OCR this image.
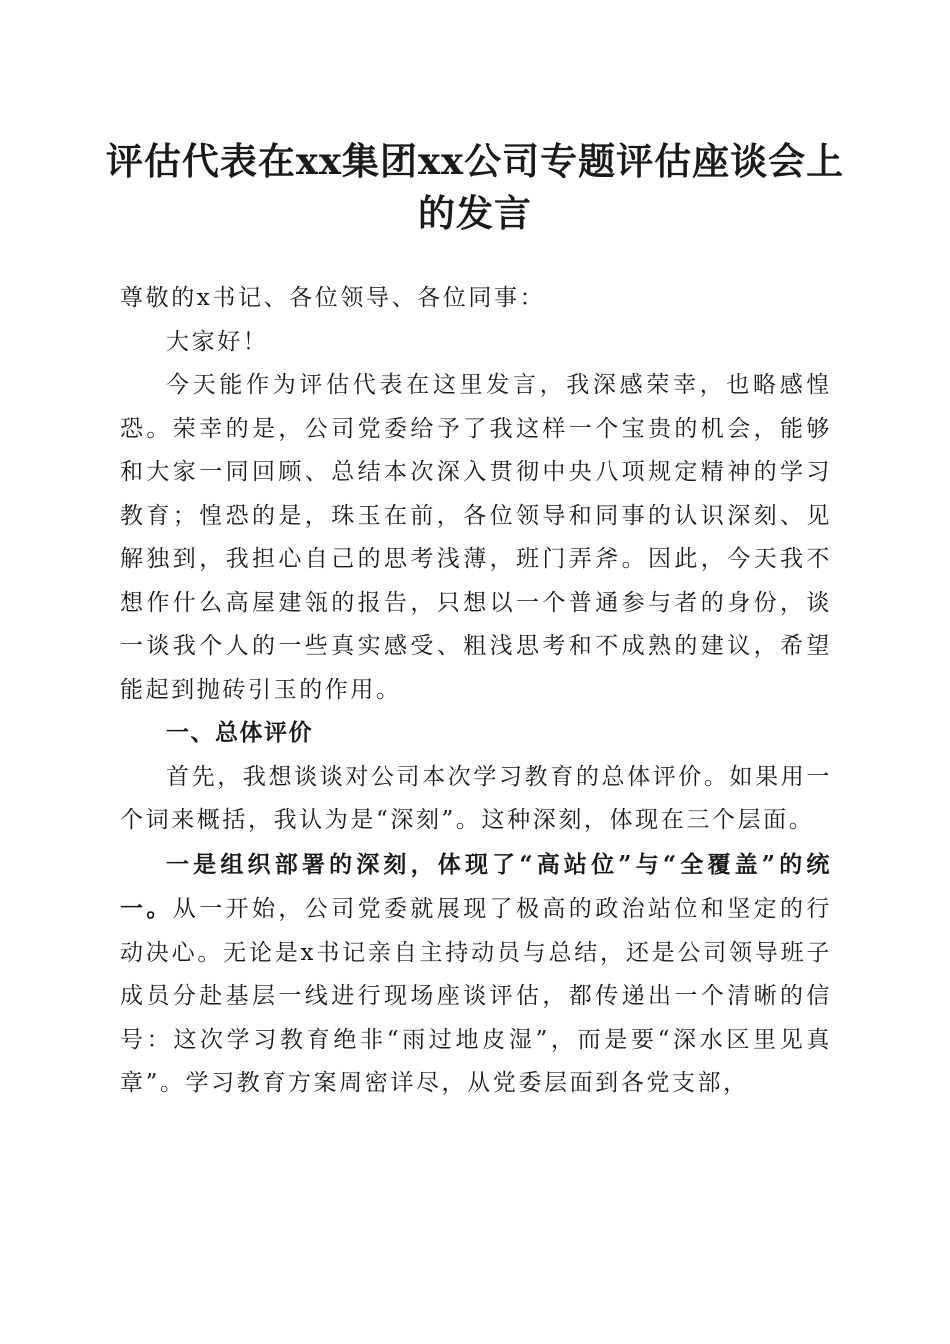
评估代表在xx集团xx公司专题评估座谈会上的发言

尊敬的x书记、各位领导、各位同事：

大家好！

今天能作为评估代表在这里发言，我深感荣幸，也略感惶恐。荣幸的是，公司党委给予了我这样一个宝贵的机会，能够和大家一同回顾、总结本次深入贯彻中央八项规定精神的学习教育；惶恐的是，珠玉在前，各位领导和同事的认识深刻、见解独到，我担心自己的思考浅薄，班门弄斧。因此，今天我不想作什么高屋建瓴的报告，只想以一个普通参与者的身份，谈一谈我个人的一些真实感受、粗浅思考和不成熟的建议，希望能起到抛砖引玉的作用。

一、总体评价

首先，我想谈谈对公司本次学习教育的总体评价。如果用一个词来概括，我认为是“深刻”。这种深刻，体现在三个层面。

一是组织部署的深刻，体现了“高站位”与“全覆盖”的统一。从一开始，公司党委就展现了极高的政治站位和坚定的行动决心。无论是x书记亲自主持动员与总结，还是公司领导班子成员分赴基层一线进行现场座谈评估，都传递出一个清晰的信号：这次学习教育绝非“雨过地皮湿”，而是要“深水区里见真章”。学习教育方案周密详尽，从党委层面到各党支部，
